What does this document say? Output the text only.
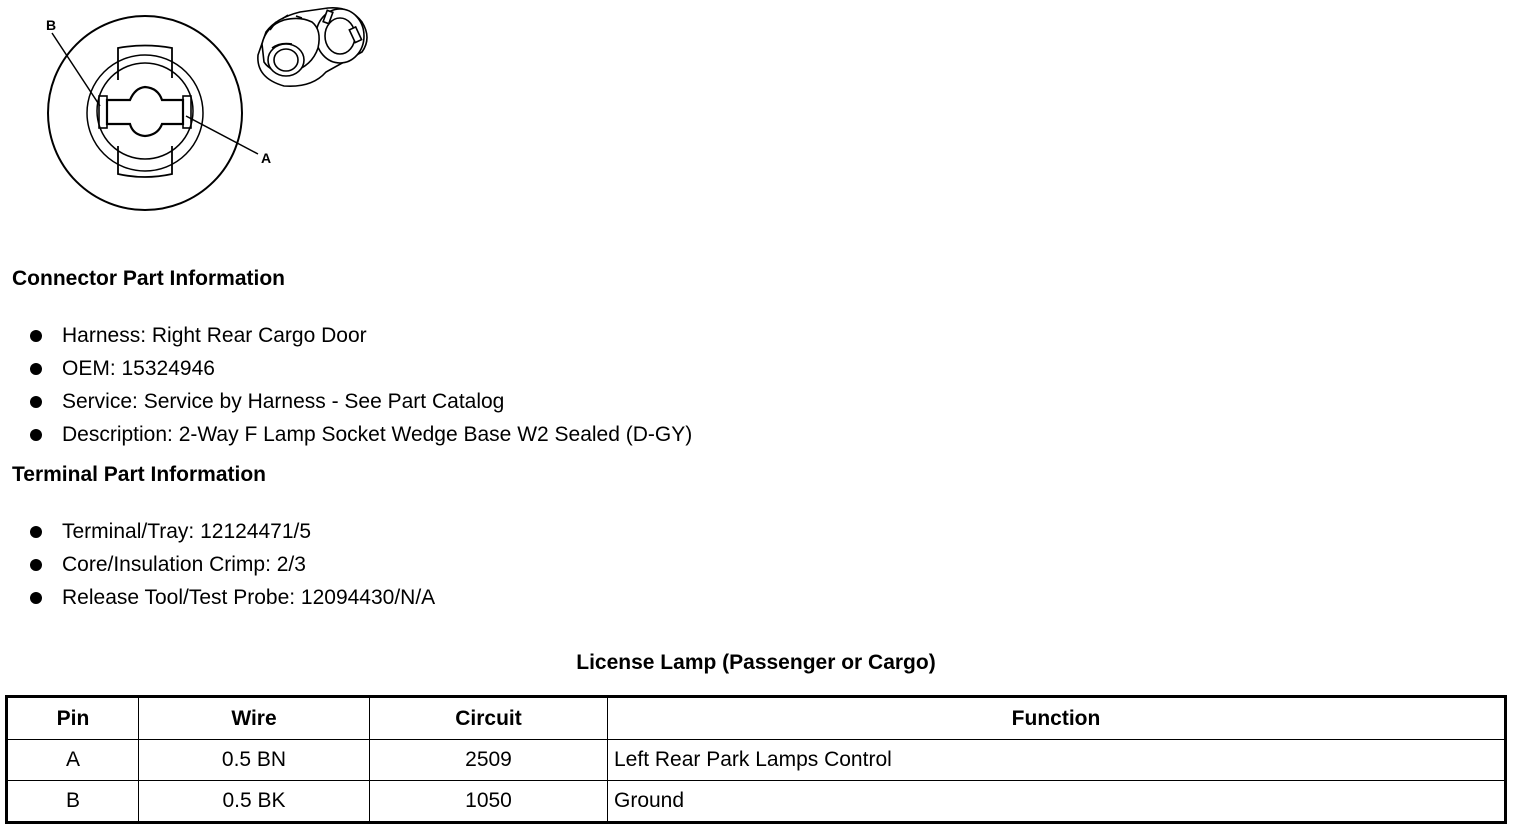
B
A
Connector Part Information
Harness: Right Rear Cargo Door
OEM: 15324946
Service: Service by Harness - See Part Catalog
Description: 2-Way F Lamp Socket Wedge Base W2 Sealed (D-GY)
Terminal Part Information
Terminal/Tray: 12124471/5
Core/Insulation Crimp: 2/3
Release Tool/Test Probe: 12094430/N/A
License Lamp (Passenger or Cargo)
Pin	Wire	Circuit	Function
A	0.5 BN	2509	Left Rear Park Lamps Control
B	0.5 BK	1050	Ground
